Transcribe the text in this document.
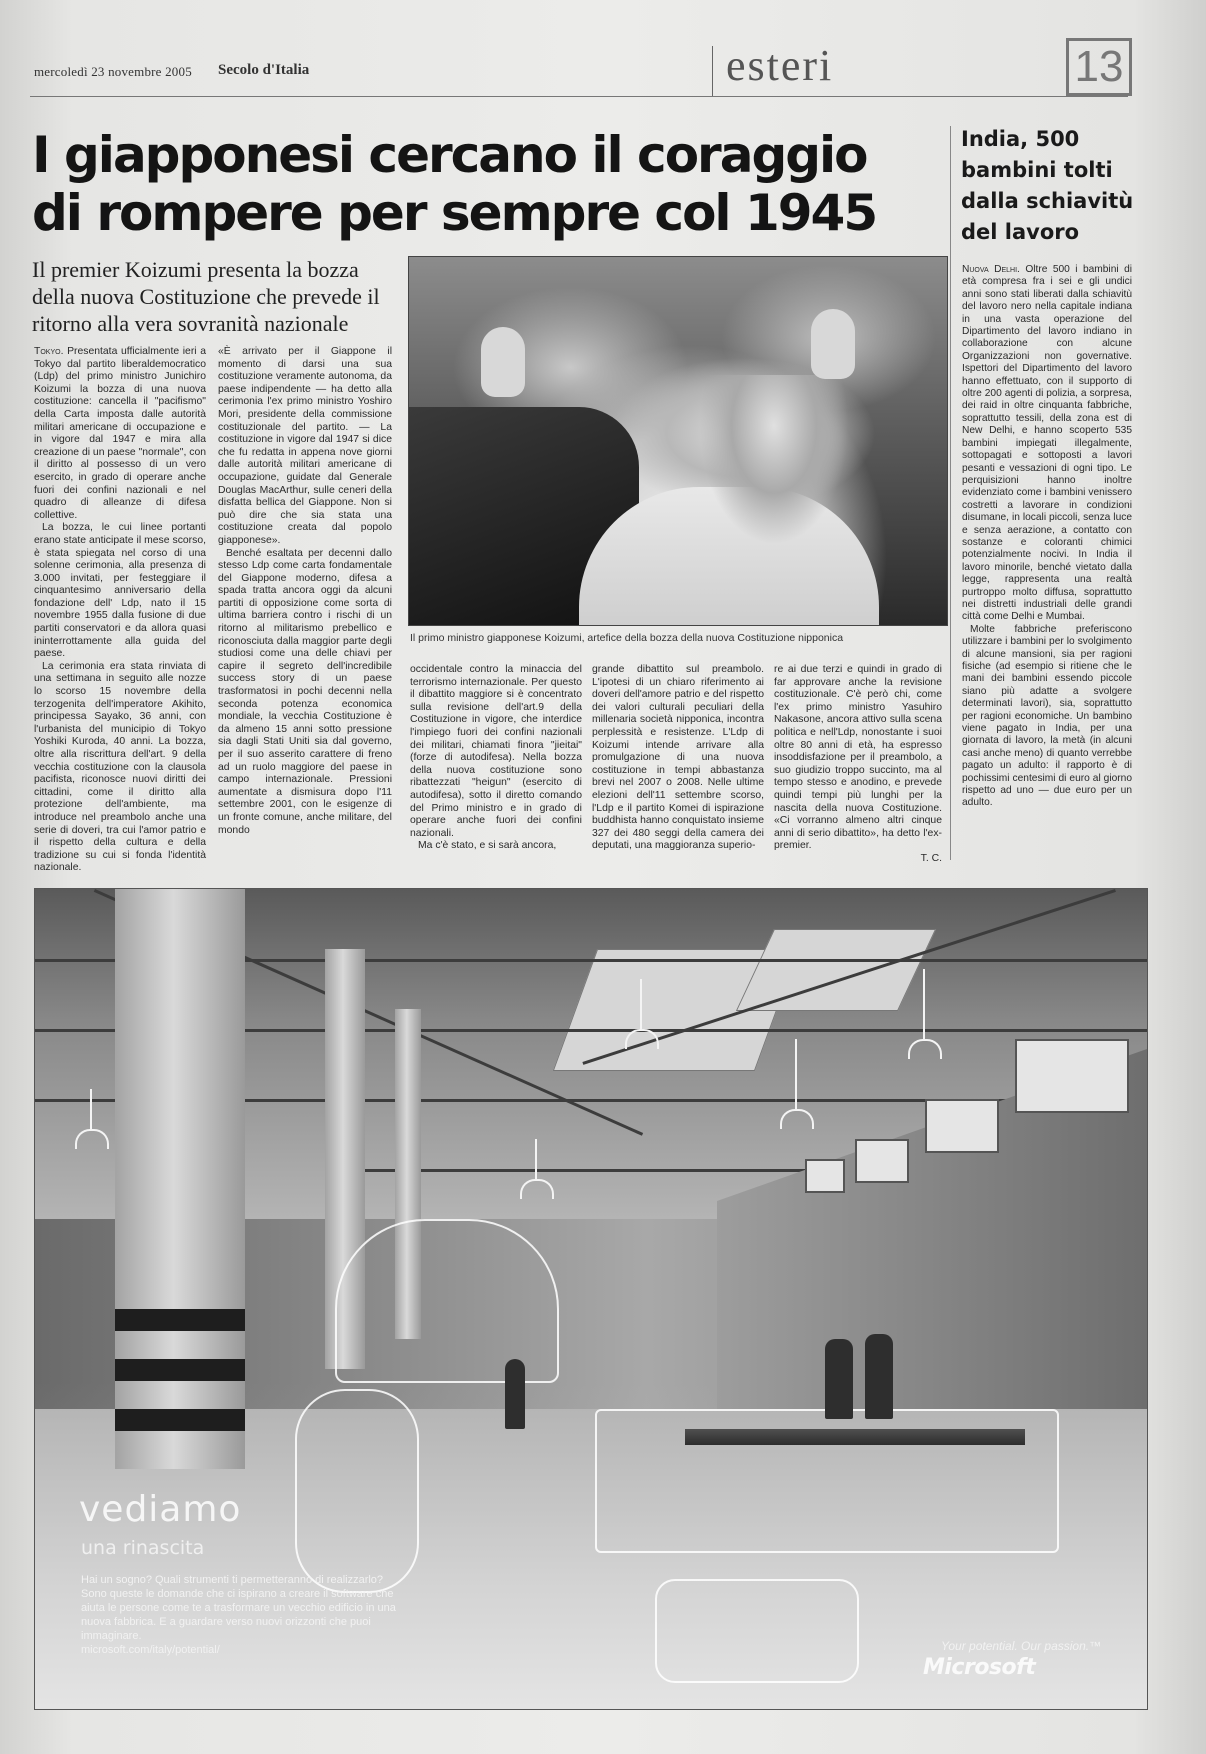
mercoledì 23 novembre 2005 Secolo d'Italia	esteri	13
I giapponesi cercano il coraggio
di rompere per sempre col 1945
Il premier Koizumi presenta la bozza della nuova Costituzione che prevede il ritorno alla vera sovranità nazionale
Il primo ministro giapponese Koizumi, artefice della bozza della nuova Costituzione nipponica

Tokyo. Presentata ufficialmente ieri a Tokyo dal partito liberaldemocratico (Ldp) del primo ministro Junichiro Koizumi la bozza di una nuova costituzione: cancella il "pacifismo" della Carta imposta dalle autorità militari americane di occupazione e in vigore dal 1947 e mira alla creazione di un paese "normale", con il diritto al possesso di un vero esercito, in grado di operare anche fuori dei confini nazionali e nel quadro di alleanze di difesa collettive.

La bozza, le cui linee portanti erano state anticipate il mese scorso, è stata spiegata nel corso di una solenne cerimonia, alla presenza di 3.000 invitati, per festeggiare il cinquantesimo anniversario della fondazione dell' Ldp, nato il 15 novembre 1955 dalla fusione di due partiti conservatori e da allora quasi ininterrottamente alla guida del paese.

La cerimonia era stata rinviata di una settimana in seguito alle nozze lo scorso 15 novembre della terzogenita dell'imperatore Akihito, principessa Sayako, 36 anni, con l'urbanista del municipio di Tokyo Yoshiki Kuroda, 40 anni. La bozza, oltre alla riscrittura dell'art. 9 della vecchia costituzione con la clausola pacifista, riconosce nuovi diritti dei cittadini, come il diritto alla protezione dell'ambiente, ma introduce nel preambolo anche una serie di doveri, tra cui l'amor patrio e il rispetto della cultura e della tradizione su cui si fonda l'identità nazionale.

«È arrivato per il Giappone il momento di darsi una sua costituzione veramente autonoma, da paese indipendente — ha detto alla cerimonia l'ex primo ministro Yoshiro Mori, presidente della commissione costituzionale del partito. — La costituzione in vigore dal 1947 si dice che fu redatta in appena nove giorni dalle autorità militari americane di occupazione, guidate dal Generale Douglas MacArthur, sulle ceneri della disfatta bellica del Giappone. Non si può dire che sia stata una costituzione creata dal popolo giapponese».

Benché esaltata per decenni dallo stesso Ldp come carta fondamentale del Giappone moderno, difesa a spada tratta ancora oggi da alcuni partiti di opposizione come sorta di ultima barriera contro i rischi di un ritorno al militarismo prebellico e riconosciuta dalla maggior parte degli studiosi come una delle chiavi per capire il segreto dell'incredibile success story di un paese trasformatosi in pochi decenni nella seconda potenza economica mondiale, la vecchia Costituzione è da almeno 15 anni sotto pressione sia dagli Stati Uniti sia dal governo, per il suo asserito carattere di freno ad un ruolo maggiore del paese in campo internazionale. Pressioni aumentate a dismisura dopo l'11 settembre 2001, con le esigenze di un fronte comune, anche militare, del mondo

occidentale contro la minaccia del terrorismo internazionale. Per questo il dibattito maggiore si è concentrato sulla revisione dell'art.9 della Costituzione in vigore, che interdice l'impiego fuori dei confini nazionali dei militari, chiamati finora "jieitai" (forze di autodifesa). Nella bozza della nuova costituzione sono ribattezzati "heigun" (esercito di autodifesa), sotto il diretto comando del Primo ministro e in grado di operare anche fuori dei confini nazionali.

Ma c'è stato, e si sarà ancora,

grande dibattito sul preambolo. L'ipotesi di un chiaro riferimento ai doveri dell'amore patrio e del rispetto dei valori culturali peculiari della millenaria società nipponica, incontra perplessità e resistenze. L'Ldp di Koizumi intende arrivare alla promulgazione di una nuova costituzione in tempi abbastanza brevi nel 2007 o 2008. Nelle ultime elezioni dell'11 settembre scorso, l'Ldp e il partito Komei di ispirazione buddhista hanno conquistato insieme 327 dei 480 seggi della camera dei deputati, una maggioranza superio-

re ai due terzi e quindi in grado di far approvare anche la revisione costituzionale. C'è però chi, come l'ex primo ministro Yasuhiro Nakasone, ancora attivo sulla scena politica e nell'Ldp, nonostante i suoi oltre 80 anni di età, ha espresso insoddisfazione per il preambolo, a suo giudizio troppo succinto, ma al tempo stesso e anodino, e prevede quindi tempi più lunghi per la nascita della nuova Costituzione. «Ci vorranno almeno altri cinque anni di serio dibattito», ha detto l'ex-premier.

T. C.
India, 500 bambini tolti dalla schiavitù del lavoro

Nuova Delhi. Oltre 500 i bambini di età compresa fra i sei e gli undici anni sono stati liberati dalla schiavitù del lavoro nero nella capitale indiana in una vasta operazione del Dipartimento del lavoro indiano in collaborazione con alcune Organizzazioni non governative. Ispettori del Dipartimento del lavoro hanno effettuato, con il supporto di oltre 200 agenti di polizia, a sorpresa, dei raid in oltre cinquanta fabbriche, soprattutto tessili, della zona est di New Delhi, e hanno scoperto 535 bambini impiegati illegalmente, sottopagati e sottoposti a lavori pesanti e vessazioni di ogni tipo. Le perquisizioni hanno inoltre evidenziato come i bambini venissero costretti a lavorare in condizioni disumane, in locali piccoli, senza luce e senza aerazione, a contatto con sostanze e coloranti chimici potenzialmente nocivi. In India il lavoro minorile, benché vietato dalla legge, rappresenta una realtà purtroppo molto diffusa, soprattutto nei distretti industriali delle grandi città come Delhi e Mumbai.

Molte fabbriche preferiscono utilizzare i bambini per lo svolgimento di alcune mansioni, sia per ragioni fisiche (ad esempio si ritiene che le mani dei bambini essendo piccole siano più adatte a svolgere determinati lavori), sia, soprattutto per ragioni economiche. Un bambino viene pagato in India, per una giornata di lavoro, la metà (in alcuni casi anche meno) di quanto verrebbe pagato un adulto: il rapporto è di pochissimi centesimi di euro al giorno rispetto ad uno — due euro per un adulto.

vediamo
una rinascita
Hai un sogno? Quali strumenti ti permetteranno di realizzarlo? Sono queste le domande che ci ispirano a creare il software che aiuta le persone come te a trasformare un vecchio edificio in una nuova fabbrica. E a guardare verso nuovi orizzonti che puoi immaginare.
microsoft.com/italy/potential/	Your potential. Our passion.™
Microsoft
